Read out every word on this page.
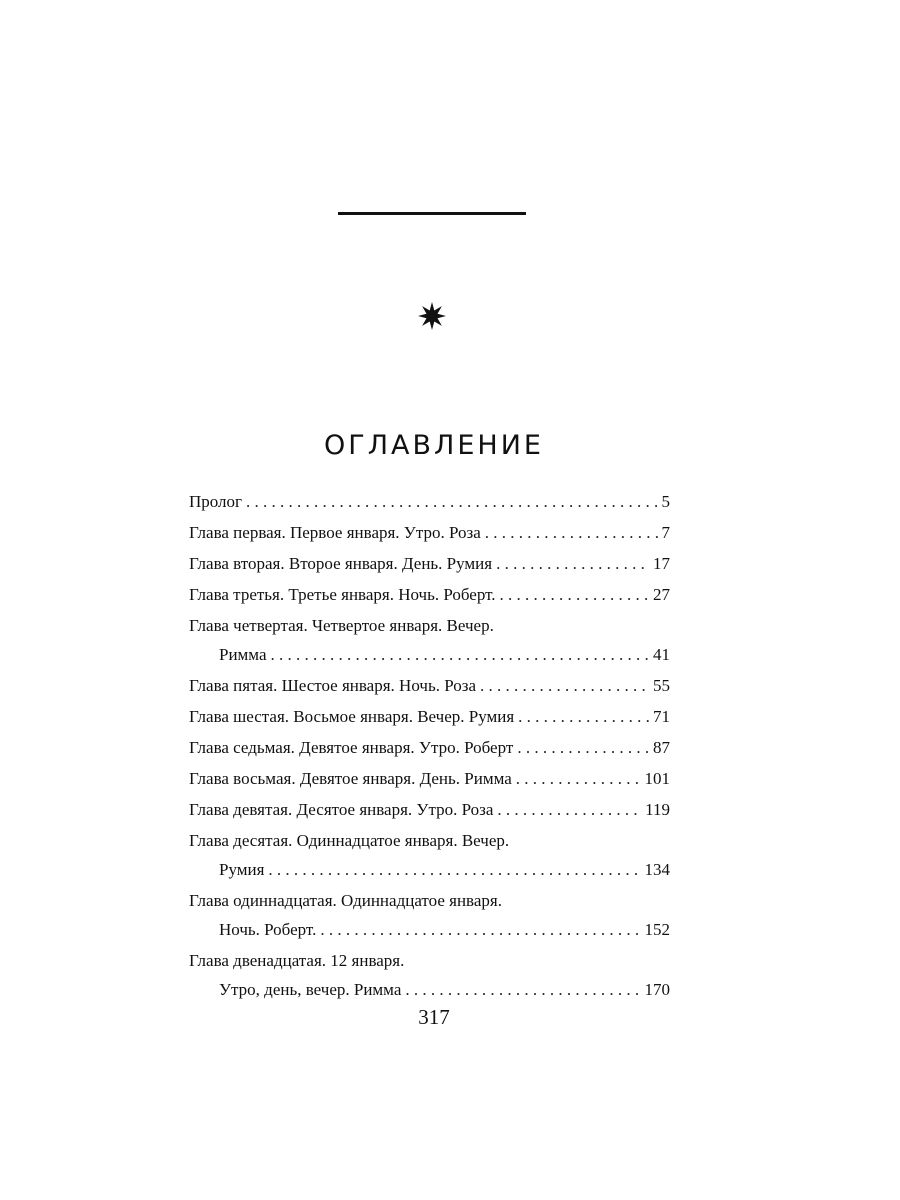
ОГЛАВЛЕНИЕ
Пролог . . .	5
Глава первая. Первое января. Утро. Роза . . .	7
Глава вторая. Второе января. День. Румия . . .	17
Глава третья. Третье января. Ночь. Роберт. . . .	27
Глава четвертая. Четвертое января. Вечер.
Римма . . .	41
Глава пятая. Шестое января. Ночь. Роза . . .	55
Глава шестая. Восьмое января. Вечер. Румия . . .	71
Глава седьмая. Девятое января. Утро. Роберт . . .	87
Глава восьмая. Девятое января. День. Римма . . .	101
Глава девятая. Десятое января. Утро. Роза . . .	119
Глава десятая. Одиннадцатое января. Вечер.
Румия . . .	134
Глава одиннадцатая. Одиннадцатое января.
Ночь. Роберт. . . .	152
Глава двенадцатая. 12 января.
Утро, день, вечер. Римма . . .	170
317
